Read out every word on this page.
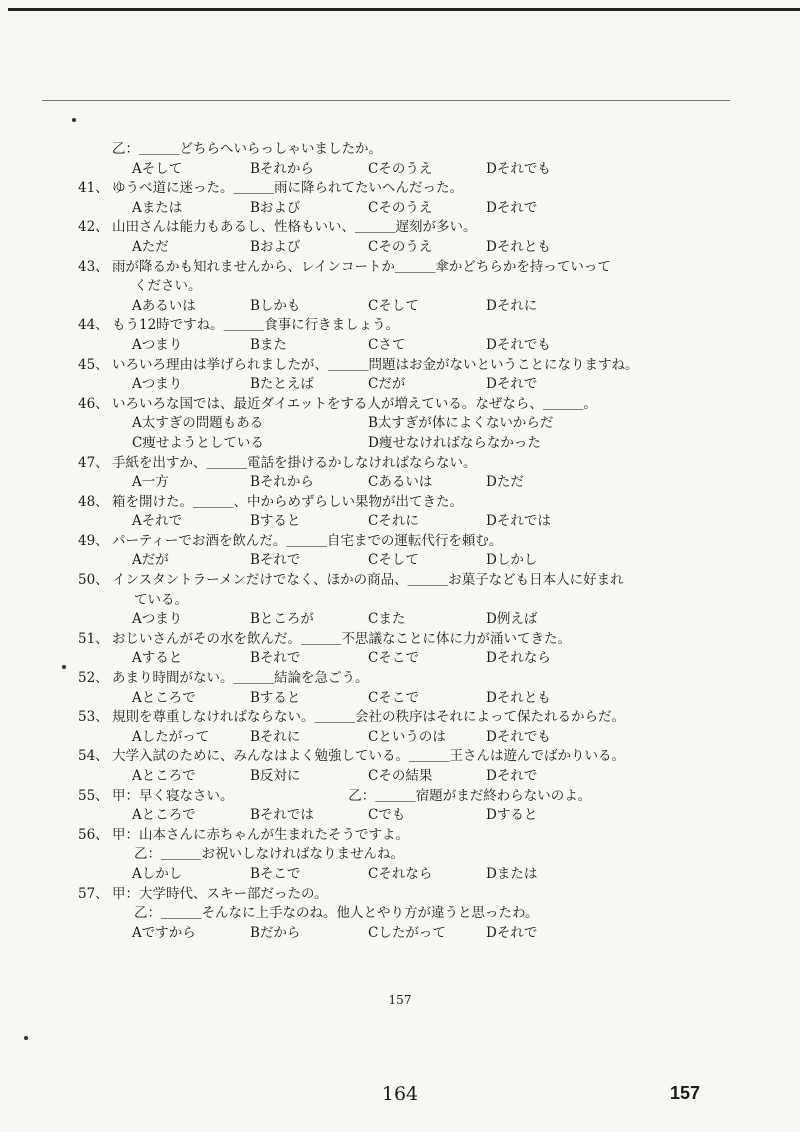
乙：＿＿＿どちらへいらっしゃいましたか。
Aそして	Bそれから	Cそのうえ	Dそれでも
41、 ゆうべ道に迷った。＿＿＿雨に降られてたいへんだった。
Aまたは	Bおよび	Cそのうえ	Dそれで
42、 山田さんは能力もあるし、性格もいい、＿＿＿遅刻が多い。
Aただ	Bおよび	Cそのうえ	Dそれとも
43、 雨が降るかも知れませんから、レインコートか＿＿＿傘かどちらかを持っていって
ください。
Aあるいは	Bしかも	Cそして	Dそれに
44、 もう12時ですね。＿＿＿食事に行きましょう。
Aつまり	Bまた	Cさて	Dそれでも
45、 いろいろ理由は挙げられましたが、＿＿＿問題はお金がないということになりますね。
Aつまり	Bたとえば	Cだが	Dそれで
46、 いろいろな国では、最近ダイエットをする人が増えている。なぜなら、＿＿＿。
A太すぎの問題もある	B太すぎが体によくないからだ
C痩せようとしている	D痩せなければならなかった
47、 手紙を出すか、＿＿＿電話を掛けるかしなければならない。
A一方	Bそれから	Cあるいは	Dただ
48、 箱を開けた。＿＿＿、中からめずらしい果物が出てきた。
Aそれで	Bすると	Cそれに	Dそれでは
49、 パーティーでお酒を飲んだ。＿＿＿自宅までの運転代行を頼む。
Aだが	Bそれで	Cそして	Dしかし
50、 インスタントラーメンだけでなく、ほかの商品、＿＿＿お菓子なども日本人に好まれ
ている。
Aつまり	Bところが	Cまた	D例えば
51、 おじいさんがその水を飲んだ。＿＿＿不思議なことに体に力が涌いてきた。
Aすると	Bそれで	Cそこで	Dそれなら
52、 あまり時間がない。＿＿＿結論を急ごう。
Aところで	Bすると	Cそこで	Dそれとも
53、 規則を尊重しなければならない。＿＿＿会社の秩序はそれによって保たれるからだ。
Aしたがって	Bそれに	Cというのは	Dそれでも
54、 大学入試のために、みんなはよく勉強している。＿＿＿王さんは遊んでばかりいる。
Aところで	B反対に	Cその結果	Dそれで
55、 甲：早く寝なさい。　　　　　　　　　乙：＿＿＿宿題がまだ終わらないのよ。
Aところで	Bそれでは	Cでも	Dすると
56、 甲：山本さんに赤ちゃんが生まれたそうですよ。
乙：＿＿＿お祝いしなければなりませんね。
Aしかし	Bそこで	Cそれなら	Dまたは
57、 甲：大学時代、スキー部だったの。
乙：＿＿＿そんなに上手なのね。他人とやり方が違うと思ったわ。
Aですから	Bだから	Cしたがって	Dそれで
157
164	157
